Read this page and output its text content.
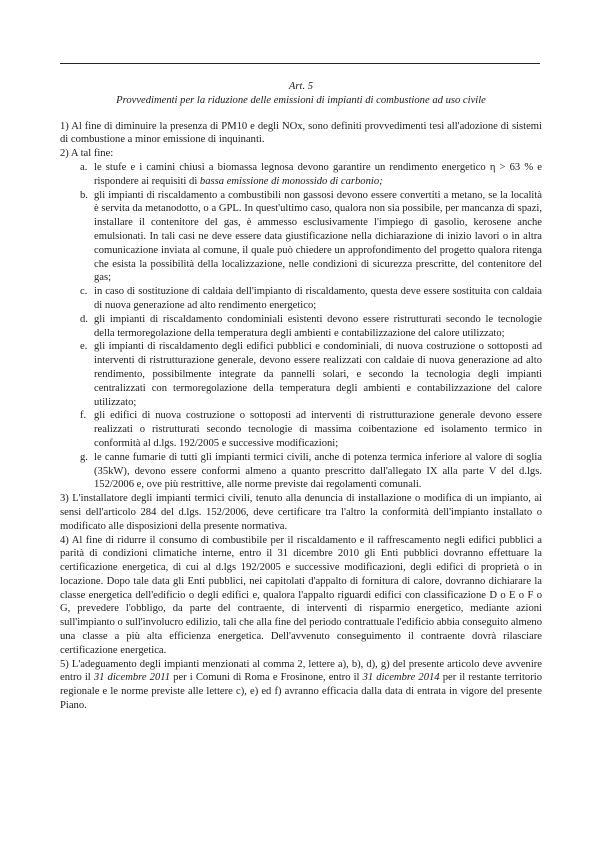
Art. 5

Provvedimenti per la riduzione delle emissioni di impianti di combustione ad uso civile

1) Al fine di diminuire la presenza di PM10 e degli NOx, sono definiti provvedimenti tesi all'adozione di sistemi di combustione a minor emissione di inquinanti.

2) A tal fine:

a. le stufe e i camini chiusi a biomassa legnosa devono garantire un rendimento energetico η > 63 % e rispondere ai requisiti di bassa emissione di monossido di carbonio;
b. gli impianti di riscaldamento a combustibili non gassosi devono essere convertiti a metano, se la località è servita da metanodotto, o a GPL. In quest'ultimo caso, qualora non sia possibile, per mancanza di spazi, installare il contenitore del gas, è ammesso esclusivamente l'impiego di gasolio, kerosene anche emulsionati. In tali casi ne deve essere data giustificazione nella dichiarazione di inizio lavori o in altra comunicazione inviata al comune, il quale può chiedere un approfondimento del progetto qualora ritenga che esista la possibilità della localizzazione, nelle condizioni di sicurezza prescritte, del contenitore del gas;
c. in caso di sostituzione di caldaia dell'impianto di riscaldamento, questa deve essere sostituita con caldaia di nuova generazione ad alto rendimento energetico;
d. gli impianti di riscaldamento condominiali esistenti devono essere ristrutturati secondo le tecnologie della termoregolazione della temperatura degli ambienti e contabilizzazione del calore utilizzato;
e. gli impianti di riscaldamento degli edifici pubblici e condominiali, di nuova costruzione o sottoposti ad interventi di ristrutturazione generale, devono essere realizzati con caldaie di nuova generazione ad alto rendimento, possibilmente integrate da pannelli solari, e secondo la tecnologia degli impianti centralizzati con termoregolazione della temperatura degli ambienti e contabilizzazione del calore utilizzato;
f. gli edifici di nuova costruzione o sottoposti ad interventi di ristrutturazione generale devono essere realizzati o ristrutturati secondo tecnologie di massima coibentazione ed isolamento termico in conformità al d.lgs. 192/2005 e successive modificazioni;
g. le canne fumarie di tutti gli impianti termici civili, anche di potenza termica inferiore al valore di soglia (35kW), devono essere conformi almeno a quanto prescritto dall'allegato IX alla parte V del d.lgs. 152/2006 e, ove più restrittive, alle norme previste dai regolamenti comunali.

3) L'installatore degli impianti termici civili, tenuto alla denuncia di installazione o modifica di un impianto, ai sensi dell'articolo 284 del d.lgs. 152/2006, deve certificare tra l'altro la conformità dell'impianto installato o modificato alle disposizioni della presente normativa.

4) Al fine di ridurre il consumo di combustibile per il riscaldamento e il raffrescamento negli edifici pubblici a parità di condizioni climatiche interne, entro il 31 dicembre 2010 gli Enti pubblici dovranno effettuare la certificazione energetica, di cui al d.lgs 192/2005 e successive modificazioni, degli edifici di proprietà o in locazione. Dopo tale data gli Enti pubblici, nei capitolati d'appalto di fornitura di calore, dovranno dichiarare la classe energetica dell'edificio o degli edifici e, qualora l'appalto riguardi edifici con classificazione D o E o F o G, prevedere l'obbligo, da parte del contraente, di interventi di risparmio energetico, mediante azioni sull'impianto o sull'involucro edilizio, tali che alla fine del periodo contrattuale l'edificio abbia conseguito almeno una classe a più alta efficienza energetica. Dell'avvenuto conseguimento il contraente dovrà rilasciare certificazione energetica.

5) L'adeguamento degli impianti menzionati al comma 2, lettere a), b), d), g) del presente articolo deve avvenire entro il 31 dicembre 2011 per i Comuni di Roma e Frosinone, entro il 31 dicembre 2014 per il restante territorio regionale e le norme previste alle lettere c), e) ed f) avranno efficacia dalla data di entrata in vigore del presente Piano.
